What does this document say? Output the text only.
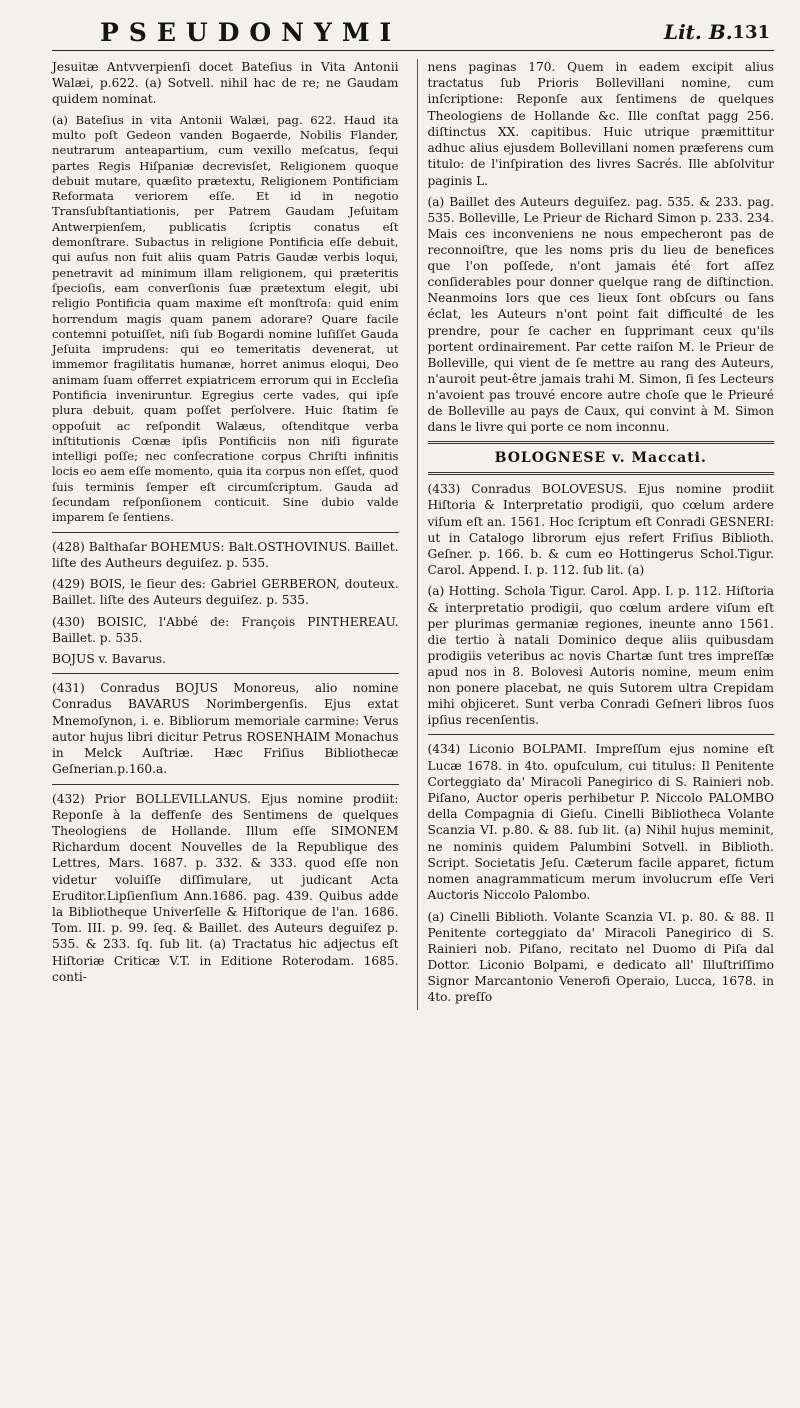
PSEUDONYMI	Lit. B. 131

Jesuitæ Antvverpienſi docet Bateſius in Vita Antonii Walæi, p.622. (a) Sotvell. nihil hac de re; ne Gaudam quidem nominat.

(a) Bateſius in vita Antonii Walæi, pag. 622. Haud ita multo poſt Gedeon vanden Bogaerde, Nobilis Flander, neutrarum anteapartium, cum vexillo meſcatus, ſequi partes Regis Hiſpaniæ decrevisſet, Religionem quoque debuit mutare, quæſito prætextu, Religionem Pontificiam Reformata veriorem eſſe. Et id in negotio Transſubſtantiationis, per Patrem Gaudam Jeſuitam Antwerpienſem, publicatis ſcriptis conatus eſt demonſtrare. Subactus in religione Pontificia eſſe debuit, qui auſus non fuit aliis quam Patris Gaudæ verbis loqui, penetravit ad minimum illam religionem, qui præteritis ſpecioſis, eam converſionis ſuæ prætextum elegit, ubi religio Pontificia quam maxime eſt monſtroſa: quid enim horrendum magis quam panem adorare? Quare facile contemni potuiſſet, niſi ſub Bogardi nomine luſiſſet Gauda Jeſuita imprudens: qui eo temeritatis devenerat, ut immemor fragilitatis humanæ, horret animus eloqui, Deo animam ſuam offerret expiatricem errorum qui in Eccleſia Pontificia inveniruntur. Egregius certe vades, qui ipſe plura debuit, quam poſſet perſolvere. Huic ſtatim ſe oppoſuit ac reſpondit Walæus, oſtenditque verba inſtitutionis Cœnæ ipſis Pontificiis non niſi figurate intelligi poſſe; nec conſecratione corpus Chriſti infinitis locis eo aem eſſe momento, quia ita corpus non eſſet, quod ſuis terminis ſemper eſt circumſcriptum. Gauda ad ſecundam reſponſionem conticuit. Sine dubio valde imparem ſe ſentiens.

(428) Balthaſar BOHEMUS: Balt.OSTHOVINUS. Baillet. liſte des Autheurs deguiſez. p. 535.

(429) BOIS, le ſieur des: Gabriel GERBERON, douteux. Baillet. liſte des Auteurs deguiſez. p. 535.

(430) BOISIC, l'Abbé de: François PINTHEREAU. Baillet. p. 535.

BOJUS v. Bavarus.

(431) Conradus BOJUS Monoreus, alio nomine Conradus BAVARUS Norimbergenſis. Ejus extat Mnemoſynon, i. e. Bibliorum memoriale carmine: Verus autor hujus libri dicitur Petrus ROSENHAIM Monachus in Melck Auſtriæ. Hæc Friſius Bibliothecæ Geſnerian.p.160.a.

(432) Prior BOLLEVILLANUS. Ejus nomine prodiit: Reponſe à la deffenſe des Sentimens de quelques Theologiens de Hollande. Illum eſſe SIMONEM Richardum docent Nouvelles de la Republique des Lettres, Mars. 1687. p. 332. & 333. quod eſſe non videtur voluiſſe diſſimulare, ut judicant Acta Eruditor.Lipſienſium Ann.1686. pag. 439. Quibus adde la Bibliotheque Univerſelle & Hiſtorique de l'an. 1686. Tom. III. p. 99. ſeq. & Baillet. des Auteurs deguiſez p. 535. & 233. ſq. ſub lit. (a) Tractatus hic adjectus eſt Hiſtoriæ Criticæ V.T. in Editione Roterodam. 1685. conti-

nens paginas 170. Quem in eadem excipit alius tractatus ſub Prioris Bollevillani nomine, cum inſcriptione: Reponſe aux ſentimens de quelques Theologiens de Hollande &c. Ille conſtat pagg 256. diſtinctus XX. capitibus. Huic utrique præmittitur adhuc alius ejusdem Bollevillani nomen præferens cum titulo: de l'inſpiration des livres Sacrés. Ille abſolvitur paginis L.

(a) Baillet des Auteurs deguiſez. pag. 535. & 233. pag. 535. Bolleville, Le Prieur de Richard Simon p. 233. 234. Mais ces inconveniens ne nous empecheront pas de reconnoiſtre, que les noms pris du lieu de benefices que l'on poſſede, n'ont jamais été fort aſſez conſiderables pour donner quelque rang de diſtinction. Neanmoins lors que ces lieux ſont obſcurs ou ſans éclat, les Auteurs n'ont point fait difficulté de les prendre, pour ſe cacher en ſupprimant ceux qu'ils portent ordinairement. Par cette raiſon M. le Prieur de Bolleville, qui vient de ſe mettre au rang des Auteurs, n'auroit peut-être jamais trahi M. Simon, ſi ſes Lecteurs n'avoient pas trouvé encore autre choſe que le Prieuré de Bolleville au pays de Caux, qui convint à M. Simon dans le livre qui porte ce nom inconnu.

BOLOGNESE v. Maccati.

(433) Conradus BOLOVESUS. Ejus nomine prodiit Hiſtoria & Interpretatio prodigii, quo cœlum ardere viſum eſt an. 1561. Hoc ſcriptum eſt Conradi GESNERI: ut in Catalogo librorum ejus refert Friſius Biblioth. Geſner. p. 166. b. & cum eo Hottingerus Schol.Tigur. Carol. Append. I. p. 112. ſub lit. (a)

(a) Hotting. Schola Tigur. Carol. App. I. p. 112. Hiſtoria & interpretatio prodigii, quo cœlum ardere viſum eſt per plurimas germaniæ regiones, ineunte anno 1561. die tertio à natali Dominico deque aliis quibusdam prodigiis veteribus ac novis Chartæ ſunt tres impreſſæ apud nos in 8. Bolovesi Autoris nomine, meum enim non ponere placebat, ne quis Sutorem ultra Crepidam mihi objiceret. Sunt verba Conradi Geſneri libros ſuos ipſius recenſentis.

(434) Liconio BOLPAMI. Impreſſum ejus nomine eſt Lucæ 1678. in 4to. opuſculum, cui titulus: Il Penitente Corteggiato da' Miracoli Panegirico di S. Rainieri nob. Piſano, Auctor operis perhibetur P. Niccolo PALOMBO della Compagnia di Gieſu. Cinelli Bibliotheca Volante Scanzia VI. p.80. & 88. ſub lit. (a) Nihil hujus meminit, ne nominis quidem Palumbini Sotvell. in Biblioth. Script. Societatis Jeſu. Cæterum facile apparet, fictum nomen anagrammaticum merum involucrum eſſe Veri Auctoris Niccolo Palombo.

(a) Cinelli Biblioth. Volante Scanzia VI. p. 80. & 88. Il Penitente corteggiato da' Miracoli Panegirico di S. Rainieri nob. Piſano, recitato nel Duomo di Piſa dal Dottor. Liconio Bolpami, e dedicato all' Illuſtriſſimo Signor Marcantonio Venerofi Operaio, Lucca, 1678. in 4to. preſſo
